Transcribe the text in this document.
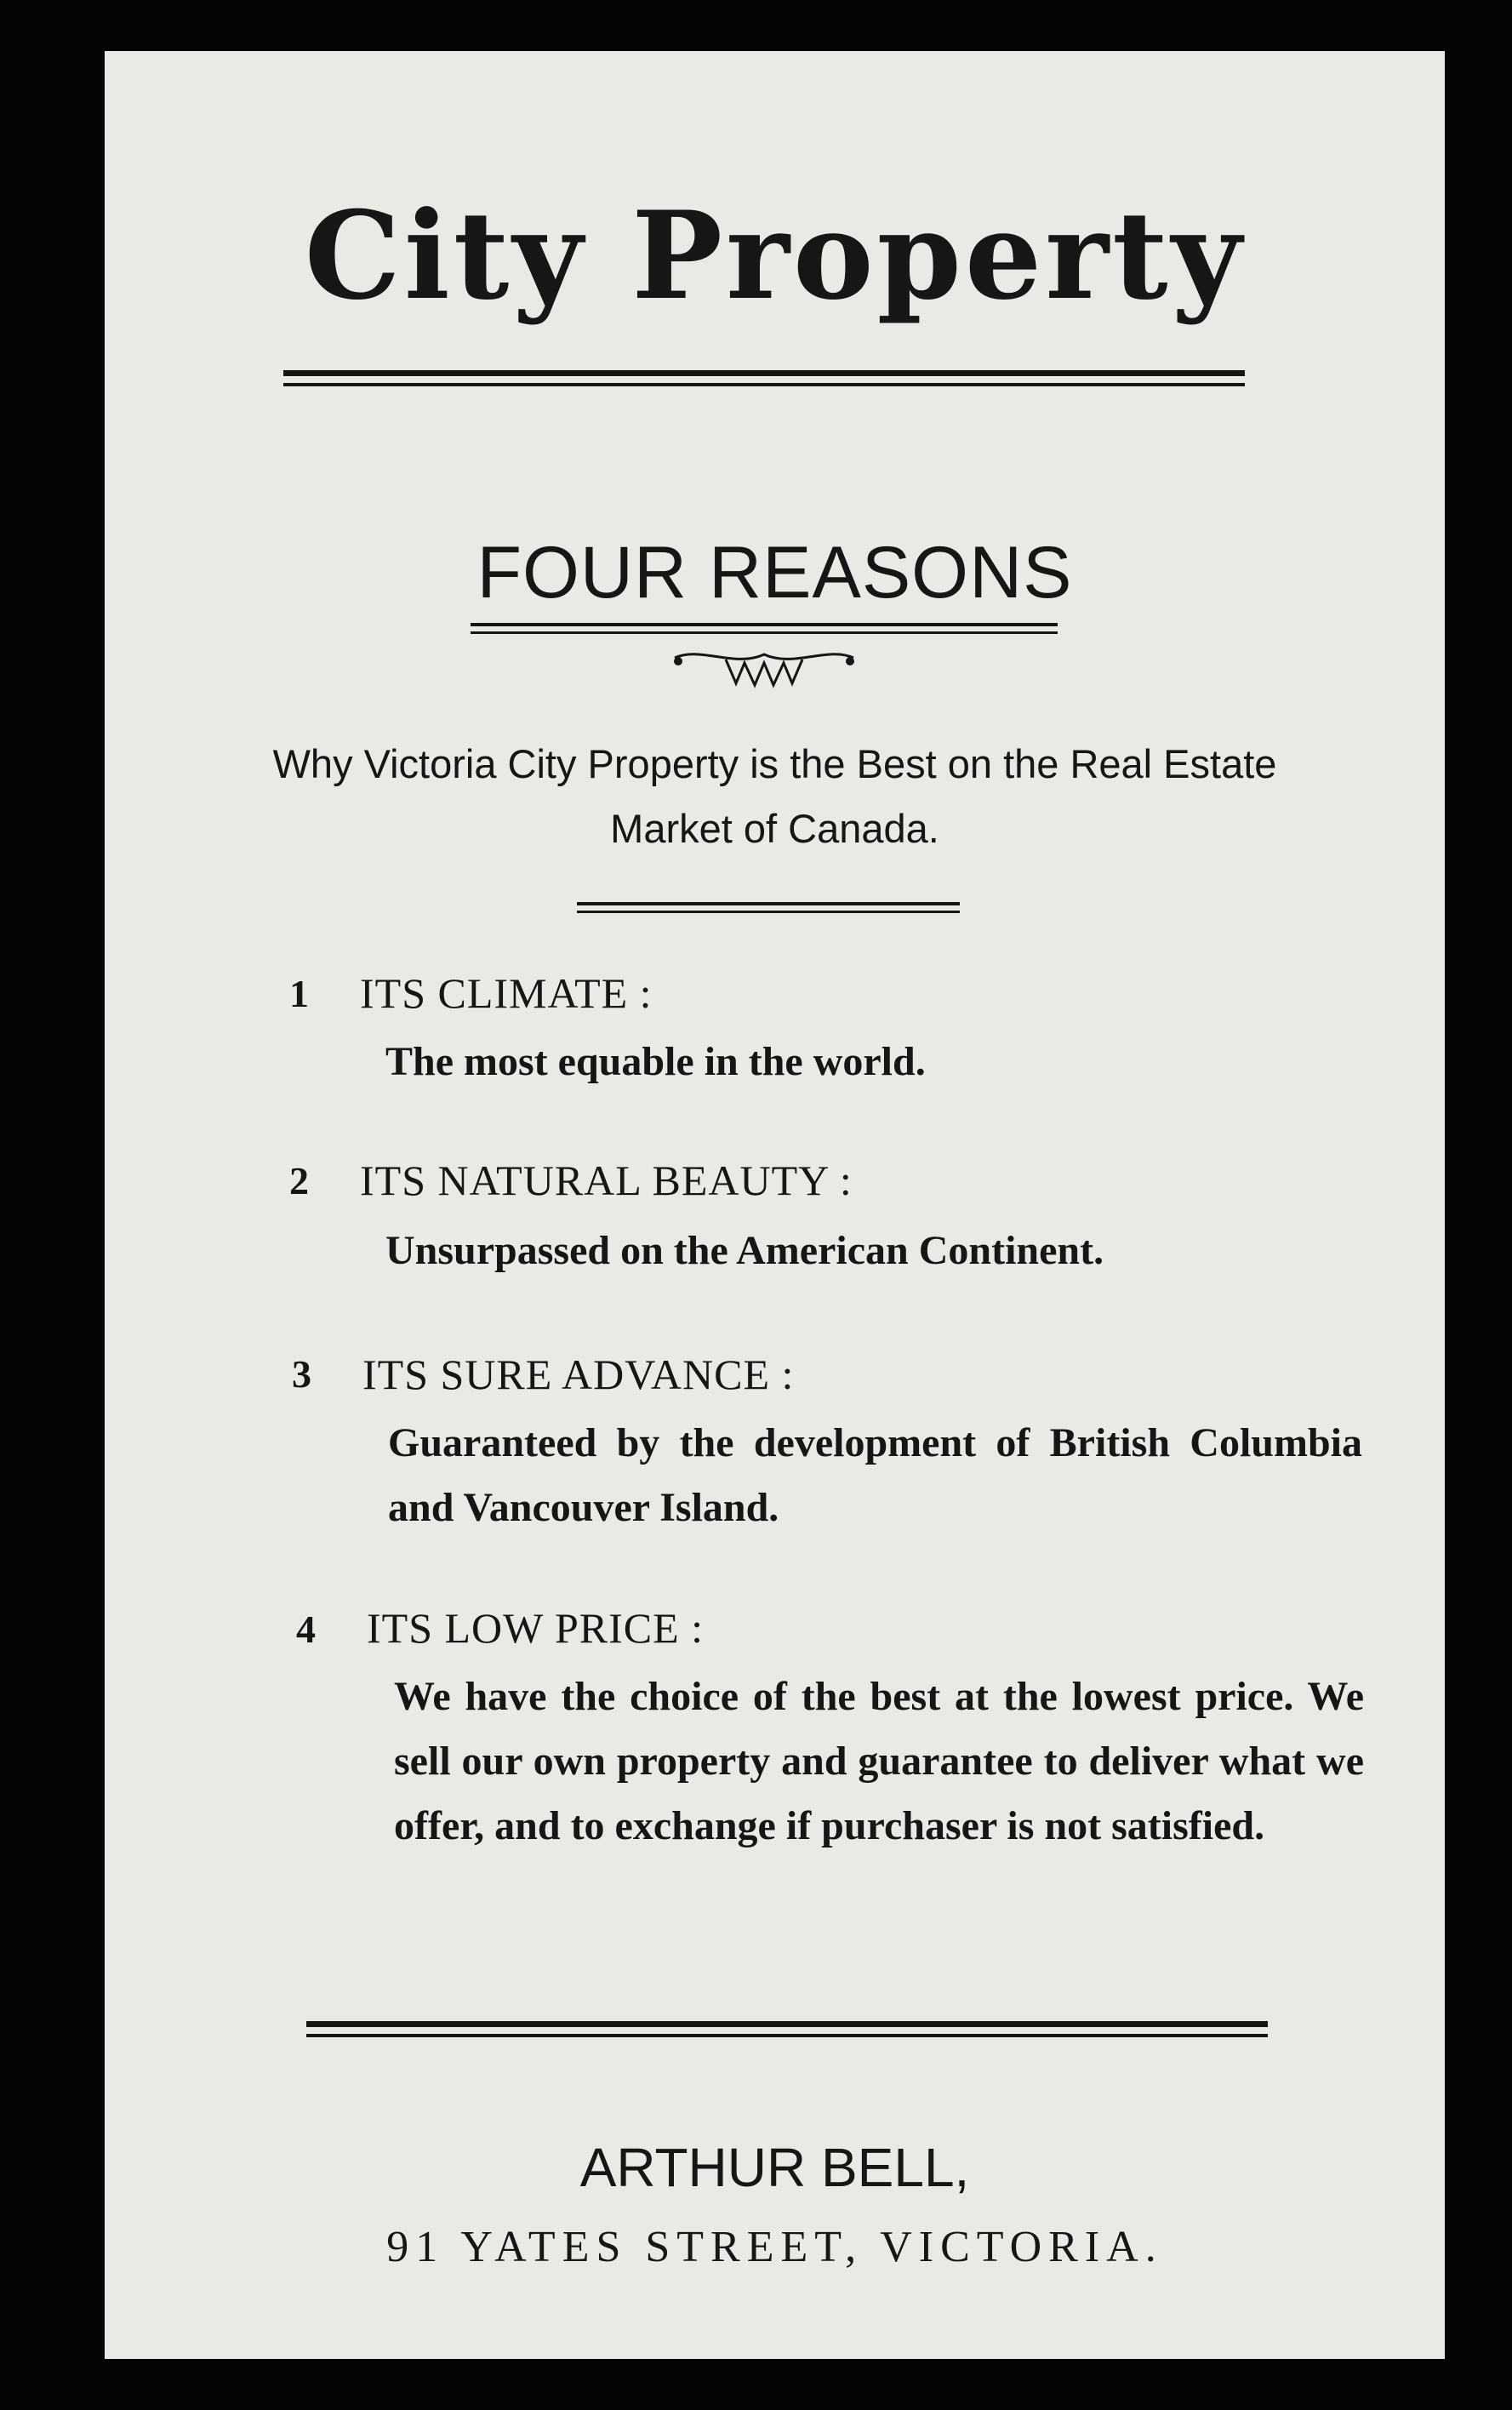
City Property
FOUR REASONS
Why Victoria City Property is the Best on the Real Estate Market of Canada.
1 ITS CLIMATE :
The most equable in the world.
2 ITS NATURAL BEAUTY :
Unsurpassed on the American Continent.
3 ITS SURE ADVANCE :
Guaranteed by the development of British Columbia and Vancouver Island.
4 ITS LOW PRICE :
We have the choice of the best at the lowest price. We sell our own property and guarantee to deliver what we offer, and to exchange if purchaser is not satisfied.
ARTHUR BELL,
91 YATES STREET, VICTORIA.
